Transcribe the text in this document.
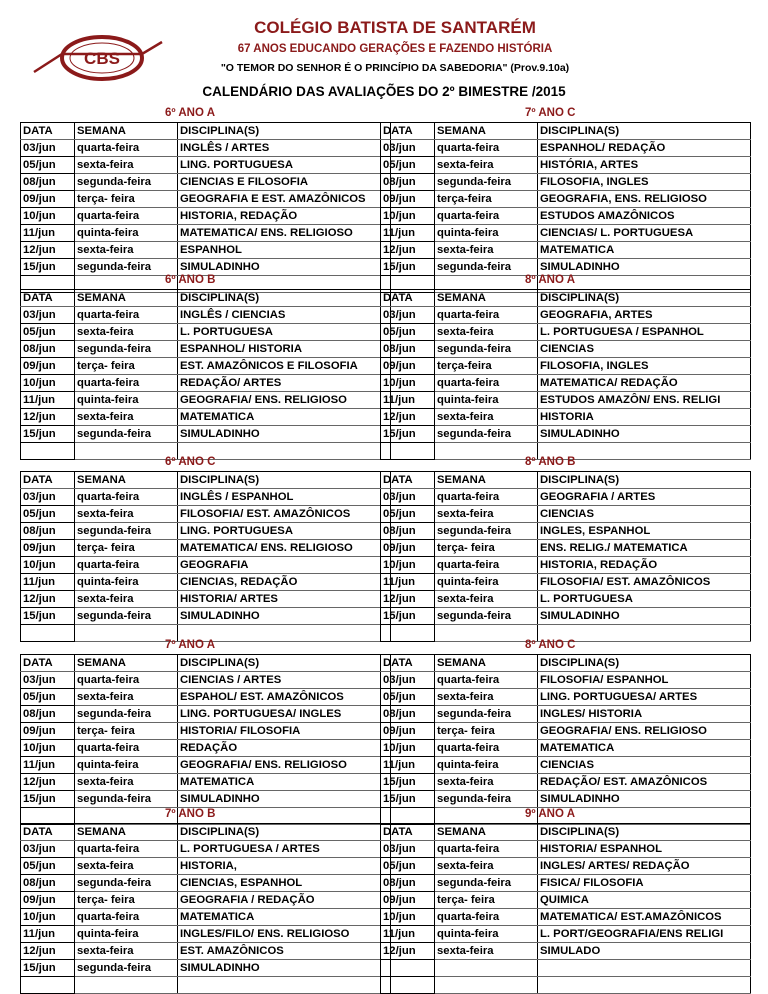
CBS
COLÉGIO BATISTA DE SANTARÉM
67 ANOS EDUCANDO GERAÇÕES E FAZENDO HISTÓRIA
"O TEMOR DO SENHOR É O PRINCÍPIO DA SABEDORIA" (Prov.9.10a)
CALENDÁRIO DAS AVALIAÇÕES DO 2º BIMESTRE /2015
6º ANO A
DATA	SEMANA	DISCIPLINA(S)
03/jun	quarta-feira	INGLÊS / ARTES
05/jun	sexta-feira	LING. PORTUGUESA
08/jun	segunda-feira	CIENCIAS E FILOSOFIA
09/jun	terça- feira	GEOGRAFIA E EST. AMAZÔNICOS
10/jun	quarta-feira	HISTORIA, REDAÇÃO
11/jun	quinta-feira	MATEMATICA/ ENS. RELIGIOSO
12/jun	sexta-feira	ESPANHOL
15/jun	segunda-feira	SIMULADINHO

6º ANO B
DATA	SEMANA	DISCIPLINA(S)
03/jun	quarta-feira	INGLÊS / CIENCIAS
05/jun	sexta-feira	L. PORTUGUESA
08/jun	segunda-feira	ESPANHOL/ HISTORIA
09/jun	terça- feira	EST. AMAZÔNICOS E FILOSOFIA
10/jun	quarta-feira	REDAÇÃO/ ARTES
11/jun	quinta-feira	GEOGRAFIA/ ENS. RELIGIOSO
12/jun	sexta-feira	MATEMATICA
15/jun	segunda-feira	SIMULADINHO

6º ANO C
DATA	SEMANA	DISCIPLINA(S)
03/jun	quarta-feira	INGLÊS / ESPANHOL
05/jun	sexta-feira	FILOSOFIA/ EST. AMAZÔNICOS
08/jun	segunda-feira	LING. PORTUGUESA
09/jun	terça- feira	MATEMATICA/ ENS. RELIGIOSO
10/jun	quarta-feira	GEOGRAFIA
11/jun	quinta-feira	CIENCIAS, REDAÇÃO
12/jun	sexta-feira	HISTORIA/ ARTES
15/jun	segunda-feira	SIMULADINHO

7º ANO A
DATA	SEMANA	DISCIPLINA(S)
03/jun	quarta-feira	CIENCIAS / ARTES
05/jun	sexta-feira	ESPAHOL/ EST. AMAZÔNICOS
08/jun	segunda-feira	LING. PORTUGUESA/ INGLES
09/jun	terça- feira	HISTORIA/ FILOSOFIA
10/jun	quarta-feira	REDAÇÃO
11/jun	quinta-feira	GEOGRAFIA/ ENS. RELIGIOSO
12/jun	sexta-feira	MATEMATICA
15/jun	segunda-feira	SIMULADINHO

7º ANO B
DATA	SEMANA	DISCIPLINA(S)
03/jun	quarta-feira	L. PORTUGUESA / ARTES
05/jun	sexta-feira	HISTORIA,
08/jun	segunda-feira	CIENCIAS, ESPANHOL
09/jun	terça- feira	GEOGRAFIA / REDAÇÃO
10/jun	quarta-feira	MATEMATICA
11/jun	quinta-feira	INGLES/FILO/ ENS. RELIGIOSO
12/jun	sexta-feira	EST. AMAZÔNICOS
15/jun	segunda-feira	SIMULADINHO

7º ANO C
DATA	SEMANA	DISCIPLINA(S)
03/jun	quarta-feira	ESPANHOL/ REDAÇÃO
05/jun	sexta-feira	HISTÓRIA, ARTES
08/jun	segunda-feira	FILOSOFIA, INGLES
09/jun	terça-feira	GEOGRAFIA, ENS. RELIGIOSO
10/jun	quarta-feira	ESTUDOS AMAZÔNICOS
11/jun	quinta-feira	CIENCIAS/ L. PORTUGUESA
12/jun	sexta-feira	MATEMATICA
15/jun	segunda-feira	SIMULADINHO

8º ANO A
DATA	SEMANA	DISCIPLINA(S)
03/jun	quarta-feira	GEOGRAFIA, ARTES
05/jun	sexta-feira	L. PORTUGUESA / ESPANHOL
08/jun	segunda-feira	CIENCIAS
09/jun	terça-feira	FILOSOFIA, INGLES
10/jun	quarta-feira	MATEMATICA/ REDAÇÃO
11/jun	quinta-feira	ESTUDOS AMAZÔN/ ENS. RELIGI
12/jun	sexta-feira	HISTORIA
15/jun	segunda-feira	SIMULADINHO

8º ANO B
DATA	SEMANA	DISCIPLINA(S)
03/jun	quarta-feira	GEOGRAFIA / ARTES
05/jun	sexta-feira	CIENCIAS
08/jun	segunda-feira	INGLES, ESPANHOL
09/jun	terça- feira	ENS. RELIG./ MATEMATICA
10/jun	quarta-feira	HISTORIA, REDAÇÃO
11/jun	quinta-feira	FILOSOFIA/ EST. AMAZÔNICOS
12/jun	sexta-feira	L. PORTUGUESA
15/jun	segunda-feira	SIMULADINHO

8º ANO C
DATA	SEMANA	DISCIPLINA(S)
03/jun	quarta-feira	FILOSOFIA/ ESPANHOL
05/jun	sexta-feira	LING. PORTUGUESA/ ARTES
08/jun	segunda-feira	INGLES/ HISTORIA
09/jun	terça- feira	GEOGRAFIA/ ENS. RELIGIOSO
10/jun	quarta-feira	MATEMATICA
11/jun	quinta-feira	CIENCIAS
15/jun	sexta-feira	REDAÇÃO/ EST. AMAZÔNICOS
15/jun	segunda-feira	SIMULADINHO

9º ANO A
DATA	SEMANA	DISCIPLINA(S)
03/jun	quarta-feira	HISTORIA/ ESPANHOL
05/jun	sexta-feira	INGLES/ ARTES/ REDAÇÃO
08/jun	segunda-feira	FISICA/ FILOSOFIA
09/jun	terça- feira	QUIMICA
10/jun	quarta-feira	MATEMATICA/ EST.AMAZÔNICOS
11/jun	quinta-feira	L. PORT/GEOGRAFIA/ENS RELIGI
12/jun	sexta-feira	SIMULADO
